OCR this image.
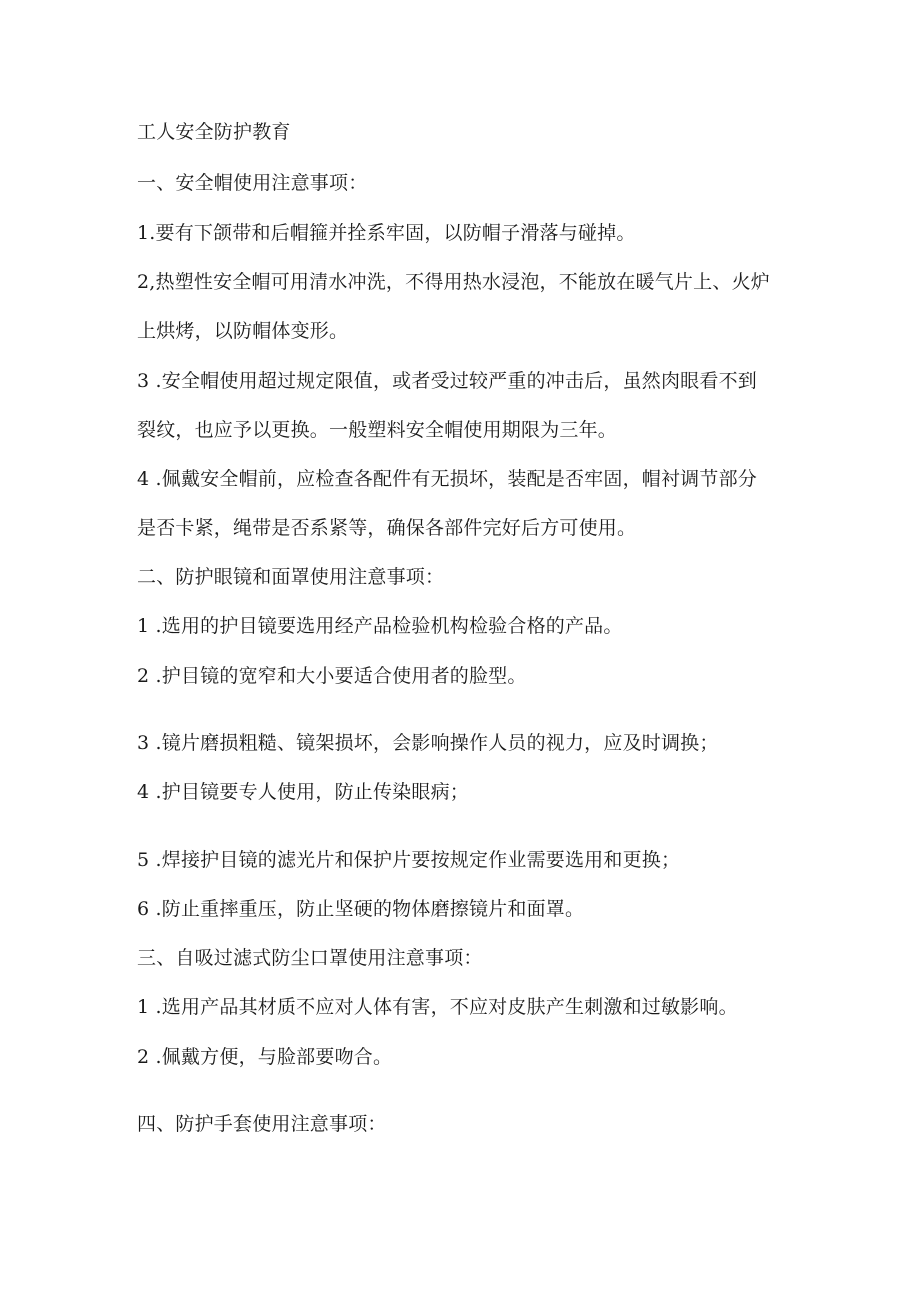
工人安全防护教育

一、安全帽使用注意事项：

1.要有下颌带和后帽箍并拴系牢固，以防帽子滑落与碰掉。

2,热塑性安全帽可用清水冲洗，不得用热水浸泡，不能放在暖气片上、火炉

上烘烤，以防帽体变形。

3 .安全帽使用超过规定限值，或者受过较严重的冲击后，虽然肉眼看不到

裂纹，也应予以更换。一般塑料安全帽使用期限为三年。

4 .佩戴安全帽前，应检查各配件有无损坏，装配是否牢固，帽衬调节部分

是否卡紧，绳带是否系紧等，确保各部件完好后方可使用。

二、防护眼镜和面罩使用注意事项：

1 .选用的护目镜要选用经产品检验机构检验合格的产品。

2 .护目镜的宽窄和大小要适合使用者的脸型。

3 .镜片磨损粗糙、镜架损坏，会影响操作人员的视力，应及时调换；

4 .护目镜要专人使用，防止传染眼病；

5 .焊接护目镜的滤光片和保护片要按规定作业需要选用和更换；

6 .防止重摔重压，防止坚硬的物体磨擦镜片和面罩。

三、自吸过滤式防尘口罩使用注意事项：

1 .选用产品其材质不应对人体有害，不应对皮肤产生刺激和过敏影响。

2 .佩戴方便，与脸部要吻合。

四、防护手套使用注意事项：
